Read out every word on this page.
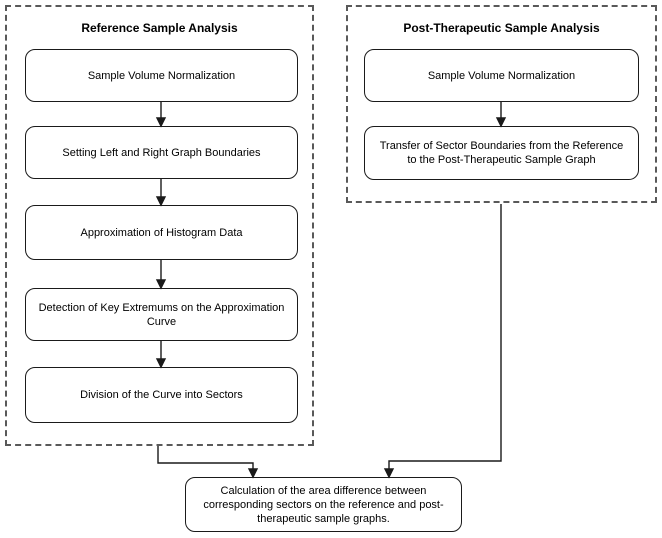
Reference Sample Analysis	Post-Therapeutic Sample Analysis
Sample Volume Normalization
Setting Left and Right Graph Boundaries
Approximation of Histogram Data
Detection of Key Extremums on the Approximation Curve
Division of the Curve into Sectors
Sample Volume Normalization
Transfer of Sector Boundaries from the Reference to the Post-Therapeutic Sample Graph
Calculation of the area difference between corresponding sectors on the reference and post-therapeutic sample graphs.
